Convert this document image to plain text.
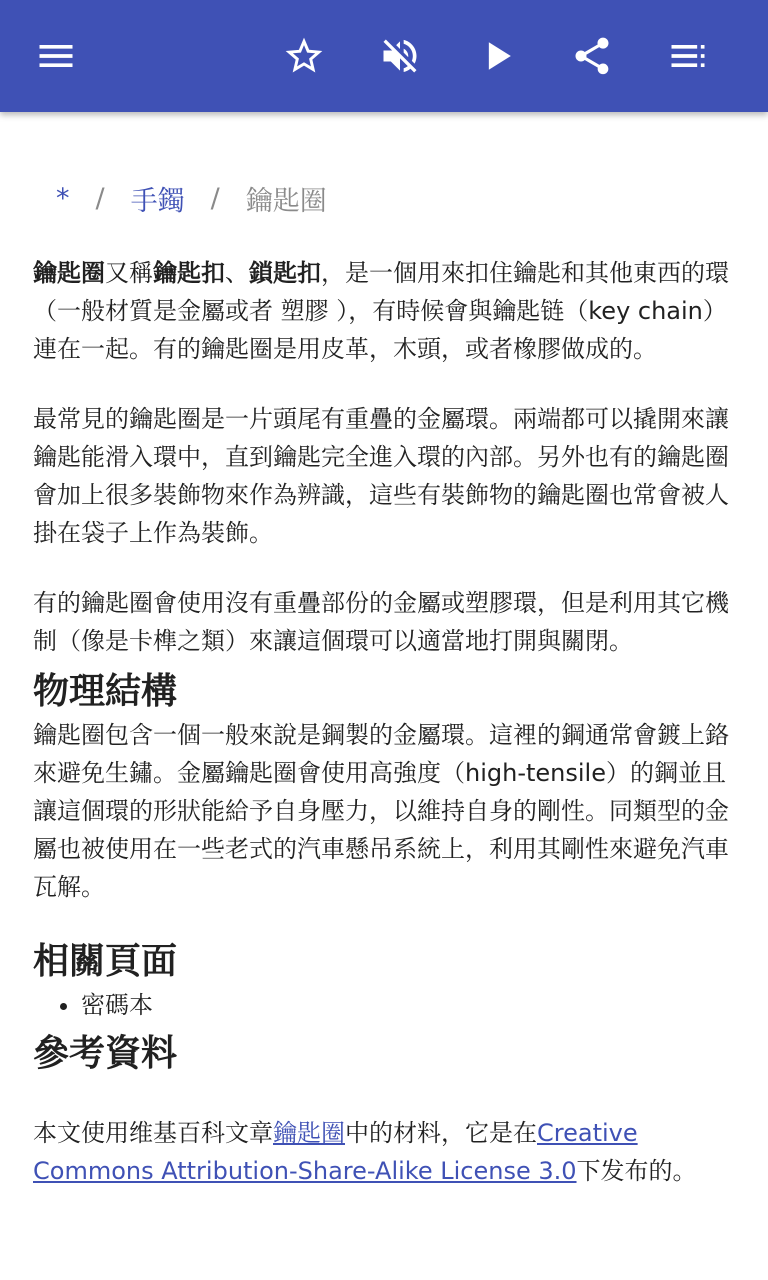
* / 手鐲 / 鑰匙圈

鑰匙圈又稱鑰匙扣、鎖匙扣，是一個用來扣住鑰匙和其他東西的環（一般材質是金屬或者 塑膠 ），有時候會與鑰匙链（key chain）連在一起。有的鑰匙圈是用皮革，木頭，或者橡膠做成的。

最常見的鑰匙圈是一片頭尾有重疊的金屬環。兩端都可以撬開來讓鑰匙能滑入環中，直到鑰匙完全進入環的內部。另外也有的鑰匙圈會加上很多裝飾物來作為辨識，這些有裝飾物的鑰匙圈也常會被人掛在袋子上作為裝飾。

有的鑰匙圈會使用沒有重疊部份的金屬或塑膠環，但是利用其它機制（像是卡榫之類）來讓這個環可以適當地打開與關閉。

物理結構

鑰匙圈包含一個一般來說是鋼製的金屬環。這裡的鋼通常會鍍上鉻來避免生鏽。金屬鑰匙圈會使用高強度（high-tensile）的鋼並且讓這個環的形狀能給予自身壓力，以維持自身的剛性。同類型的金屬也被使用在一些老式的汽車懸吊系統上，利用其剛性來避免汽車瓦解。

相關頁面
• 密碼本
參考資料

本文使用维基百科文章鑰匙圈中的材料，它是在Creative Commons Attribution-Share-Alike License 3.0下发布的。
